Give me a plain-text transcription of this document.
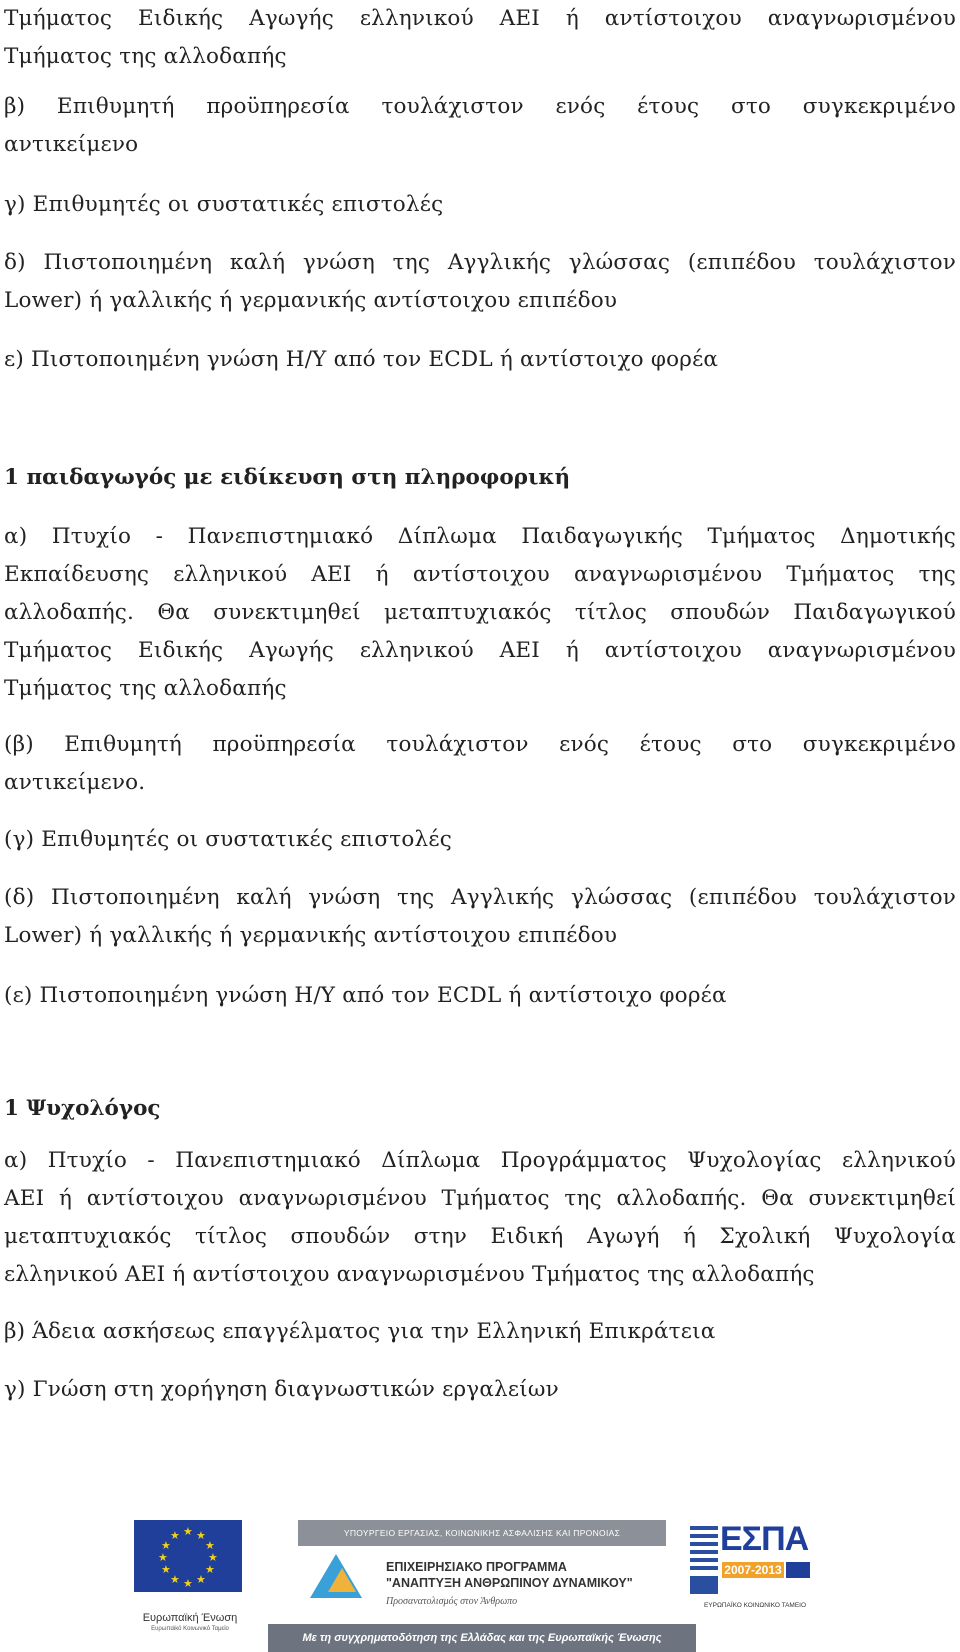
Τμήματος Ειδικής Αγωγής ελληνικού ΑΕΙ ή αντίστοιχου αναγνωρισμένου
Τμήματος της αλλοδαπής
β) Επιθυμητή προϋπηρεσία τουλάχιστον ενός έτους στο συγκεκριμένο
αντικείμενο
γ) Επιθυμητές οι συστατικές επιστολές
δ) Πιστοποιημένη καλή γνώση της Αγγλικής γλώσσας (επιπέδου τουλάχιστον
Lower) ή γαλλικής ή γερμανικής αντίστοιχου επιπέδου
ε) Πιστοποιημένη γνώση Η/Υ από τον ECDL ή αντίστοιχο φορέα
1 παιδαγωγός με ειδίκευση στη πληροφορική
α) Πτυχίο - Πανεπιστημιακό Δίπλωμα Παιδαγωγικής Τμήματος Δημοτικής
Εκπαίδευσης ελληνικού ΑΕΙ ή αντίστοιχου αναγνωρισμένου Τμήματος της
αλλοδαπής. Θα συνεκτιμηθεί μεταπτυχιακός τίτλος σπουδών Παιδαγωγικού
Τμήματος Ειδικής Αγωγής ελληνικού ΑΕΙ ή αντίστοιχου αναγνωρισμένου
Τμήματος της αλλοδαπής
(β) Επιθυμητή προϋπηρεσία τουλάχιστον ενός έτους στο συγκεκριμένο
αντικείμενο.
(γ) Επιθυμητές οι συστατικές επιστολές
(δ) Πιστοποιημένη καλή γνώση της Αγγλικής γλώσσας (επιπέδου τουλάχιστον
Lower) ή γαλλικής ή γερμανικής αντίστοιχου επιπέδου
(ε) Πιστοποιημένη γνώση Η/Υ από τον ECDL ή αντίστοιχο φορέα
1 Ψυχολόγος
α) Πτυχίο - Πανεπιστημιακό Δίπλωμα Προγράμματος Ψυχολογίας ελληνικού
ΑΕΙ ή αντίστοιχου αναγνωρισμένου Τμήματος της αλλοδαπής. Θα συνεκτιμηθεί
μεταπτυχιακός τίτλος σπουδών στην Ειδική Αγωγή ή Σχολική Ψυχολογία
ελληνικού ΑΕΙ ή αντίστοιχου αναγνωρισμένου Τμήματος της αλλοδαπής
β) Άδεια ασκήσεως επαγγέλματος για την Ελληνική Επικράτεια
γ) Γνώση στη χορήγηση διαγνωστικών εργαλείων
★ ★
★
★
★
★
★
★
★
★
★
★
Ευρωπαϊκή Ένωση
Ευρωπαϊκό Κοινωνικό Ταμείο
ΥΠΟΥΡΓΕΙΟ ΕΡΓΑΣΙΑΣ, ΚΟΙΝΩΝΙΚΗΣ ΑΣΦΑΛΙΣΗΣ ΚΑΙ ΠΡΟΝΟΙΑΣ
ΕΠΙΧΕΙΡΗΣΙΑΚΟ ΠΡΟΓΡΑΜΜΑ
"ΑΝΑΠΤΥΞΗ ΑΝΘΡΩΠΙΝΟΥ ΔΥΝΑΜΙΚΟΥ"
Προσανατολισμός στον Άνθρωπο
Με τη συγχρηματοδότηση της Ελλάδας και της Ευρωπαϊκής Ένωσης
ΕΣΠΑ
2007-2013
ΕΥΡΩΠΑΪΚΟ ΚΟΙΝΩΝΙΚΟ ΤΑΜΕΙΟ
